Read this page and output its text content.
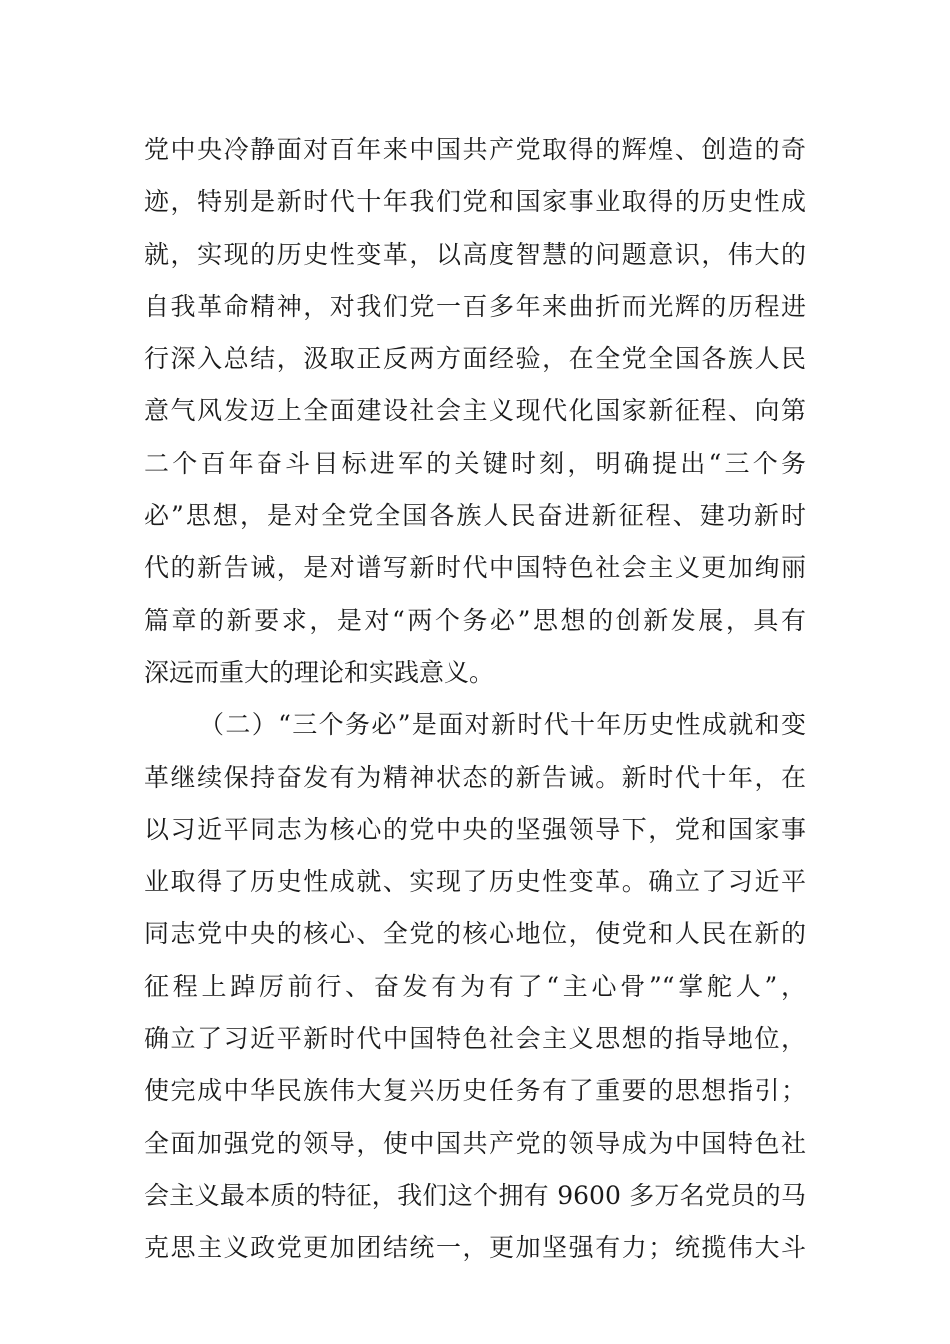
党中央冷静面对百年来中国共产党取得的辉煌、创造的奇
迹，特别是新时代十年我们党和国家事业取得的历史性成
就，实现的历史性变革，以高度智慧的问题意识，伟大的
自我革命精神，对我们党一百多年来曲折而光辉的历程进
行深入总结，汲取正反两方面经验，在全党全国各族人民
意气风发迈上全面建设社会主义现代化国家新征程、向第
二个百年奋斗目标进军的关键时刻，明确提出“三个务
必”思想，是对全党全国各族人民奋进新征程、建功新时
代的新告诫，是对谱写新时代中国特色社会主义更加绚丽
篇章的新要求，是对“两个务必”思想的创新发展，具有
深远而重大的理论和实践意义。
（二）“三个务必”是面对新时代十年历史性成就和变
革继续保持奋发有为精神状态的新告诫。新时代十年，在
以习近平同志为核心的党中央的坚强领导下，党和国家事
业取得了历史性成就、实现了历史性变革。确立了习近平
同志党中央的核心、全党的核心地位，使党和人民在新的
征程上踔厉前行、奋发有为有了“主心骨”“掌舵人”，
确立了习近平新时代中国特色社会主义思想的指导地位，
使完成中华民族伟大复兴历史任务有了重要的思想指引；
全面加强党的领导，使中国共产党的领导成为中国特色社
会主义最本质的特征，我们这个拥有 9600 多万名党员的马
克思主义政党更加团结统一，更加坚强有力；统揽伟大斗
